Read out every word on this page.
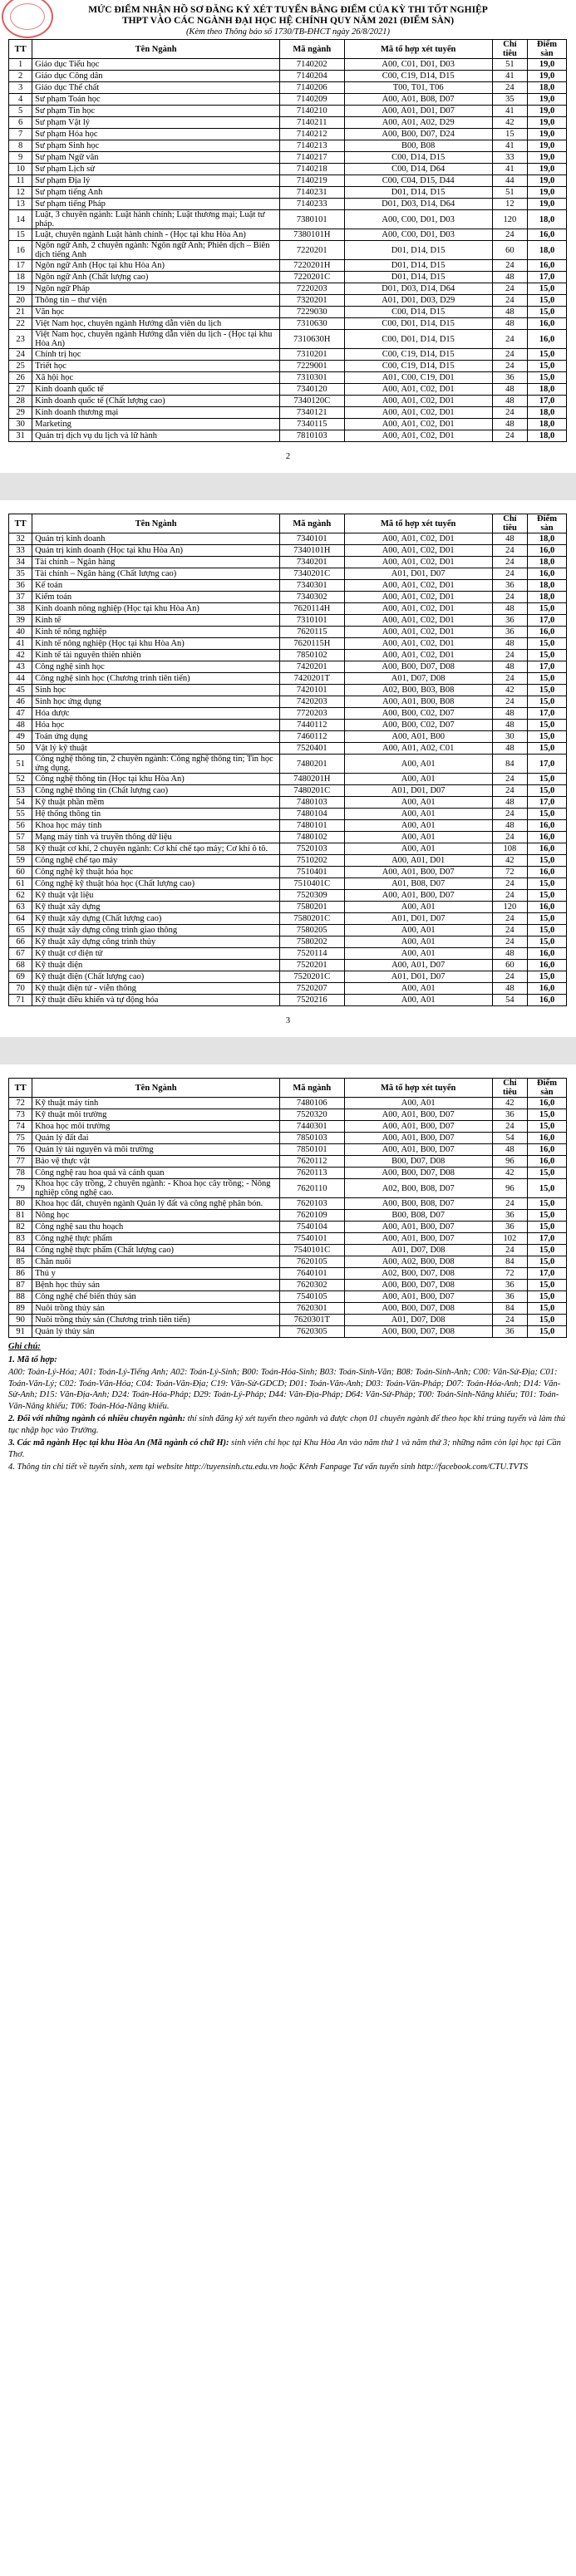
MỨC ĐIỂM NHẬN HỒ SƠ ĐĂNG KÝ XÉT TUYỂN BẰNG ĐIỂM CỦA KỲ THI TỐT NGHIỆP
THPT VÀO CÁC NGÀNH ĐẠI HỌC HỆ CHÍNH QUY NĂM 2021 (ĐIỂM SÀN)
(Kèm theo Thông báo số 1730/TB-ĐHCT ngày 26/8/2021)
TT	Tên Ngành	Mã ngành	Mã tổ hợp xét tuyển	Chỉ tiêu	Điểm sàn
1	Giáo dục Tiểu học	7140202	A00, C01, D01, D03	51	19,0
2	Giáo dục Công dân	7140204	C00, C19, D14, D15	41	19,0
3	Giáo dục Thể chất	7140206	T00, T01, T06	24	18,0
4	Sư phạm Toán học	7140209	A00, A01, B08, D07	35	19,0
5	Sư phạm Tin học	7140210	A00, A01, D01, D07	41	19,0
6	Sư phạm Vật lý	7140211	A00, A01, A02, D29	42	19,0
7	Sư phạm Hóa học	7140212	A00, B00, D07, D24	15	19,0
8	Sư phạm Sinh học	7140213	B00, B08	41	19,0
9	Sư phạm Ngữ văn	7140217	C00, D14, D15	33	19,0
10	Sư phạm Lịch sử	7140218	C00, D14, D64	41	19,0
11	Sư phạm Địa lý	7140219	C00, C04, D15, D44	44	19,0
12	Sư phạm tiếng Anh	7140231	D01, D14, D15	51	19,0
13	Sư phạm tiếng Pháp	7140233	D01, D03, D14, D64	12	19,0
14	Luật, 3 chuyên ngành: Luật hành chính; Luật thương mại; Luật tư pháp.	7380101	A00, C00, D01, D03	120	18,0
15	Luật, chuyên ngành Luật hành chính - (Học tại khu Hòa An)	7380101H	A00, C00, D01, D03	24	16,0
16	Ngôn ngữ Anh, 2 chuyên ngành: Ngôn ngữ Anh; Phiên dịch – Biên dịch tiếng Anh	7220201	D01, D14, D15	60	18,0
17	Ngôn ngữ Anh (Học tại khu Hòa An)	7220201H	D01, D14, D15	24	16,0
18	Ngôn ngữ Anh (Chất lượng cao)	7220201C	D01, D14, D15	48	17,0
19	Ngôn ngữ Pháp	7220203	D01, D03, D14, D64	24	15,0
20	Thông tin – thư viện	7320201	A01, D01, D03, D29	24	15,0
21	Văn học	7229030	C00, D14, D15	48	15,0
22	Việt Nam học, chuyên ngành Hướng dẫn viên du lịch	7310630	C00, D01, D14, D15	48	16,0
23	Việt Nam học, chuyên ngành Hướng dẫn viên du lịch - (Học tại khu Hòa An)	7310630H	C00, D01, D14, D15	24	16,0
24	Chính trị học	7310201	C00, C19, D14, D15	24	15,0
25	Triết học	7229001	C00, C19, D14, D15	24	15,0
26	Xã hội học	7310301	A01, C00, C19, D01	36	15,0
27	Kinh doanh quốc tế	7340120	A00, A01, C02, D01	48	18,0
28	Kinh doanh quốc tế (Chất lượng cao)	7340120C	A00, A01, C02, D01	48	17,0
29	Kinh doanh thương mại	7340121	A00, A01, C02, D01	24	18,0
30	Marketing	7340115	A00, A01, C02, D01	48	18,0
31	Quản trị dịch vụ du lịch và lữ hành	7810103	A00, A01, C02, D01	24	18,0
2
TT	Tên Ngành	Mã ngành	Mã tổ hợp xét tuyển	Chỉ tiêu	Điểm sàn
32	Quản trị kinh doanh	7340101	A00, A01, C02, D01	48	18,0
33	Quản trị kinh doanh (Học tại khu Hòa An)	7340101H	A00, A01, C02, D01	24	16,0
34	Tài chính – Ngân hàng	7340201	A00, A01, C02, D01	24	18,0
35	Tài chính – Ngân hàng (Chất lượng cao)	7340201C	A01, D01, D07	24	16,0
36	Kế toán	7340301	A00, A01, C02, D01	36	18,0
37	Kiểm toán	7340302	A00, A01, C02, D01	24	18,0
38	Kinh doanh nông nghiệp (Học tại khu Hòa An)	7620114H	A00, A01, C02, D01	48	15,0
39	Kinh tế	7310101	A00, A01, C02, D01	36	17,0
40	Kinh tế nông nghiệp	7620115	A00, A01, C02, D01	36	16,0
41	Kinh tế nông nghiệp (Học tại khu Hòa An)	7620115H	A00, A01, C02, D01	48	15,0
42	Kinh tế tài nguyên thiên nhiên	7850102	A00, A01, C02, D01	24	15,0
43	Công nghệ sinh học	7420201	A00, B00, D07, D08	48	17,0
44	Công nghệ sinh học (Chương trình tiên tiến)	7420201T	A01, D07, D08	24	15,0
45	Sinh học	7420101	A02, B00, B03, B08	42	15,0
46	Sinh học ứng dụng	7420203	A00, A01, B00, B08	24	15,0
47	Hóa dược	7720203	A00, B00, C02, D07	48	17,0
48	Hóa học	7440112	A00, B00, C02, D07	48	15,0
49	Toán ứng dụng	7460112	A00, A01, B00	30	15,0
50	Vật lý kỹ thuật	7520401	A00, A01, A02, C01	48	15,0
51	Công nghệ thông tin, 2 chuyên ngành: Công nghệ thông tin; Tin học ứng dụng.	7480201	A00, A01	84	17,0
52	Công nghệ thông tin (Học tại khu Hòa An)	7480201H	A00, A01	24	15,0
53	Công nghệ thông tin (Chất lượng cao)	7480201C	A01, D01, D07	24	15,0
54	Kỹ thuật phần mềm	7480103	A00, A01	48	17,0
55	Hệ thống thông tin	7480104	A00, A01	24	15,0
56	Khoa học máy tính	7480101	A00, A01	48	16,0
57	Mạng máy tính và truyền thông dữ liệu	7480102	A00, A01	24	16,0
58	Kỹ thuật cơ khí, 2 chuyên ngành: Cơ khí chế tạo máy; Cơ khí ô tô.	7520103	A00, A01	108	16,0
59	Công nghệ chế tạo máy	7510202	A00, A01, D01	42	15,0
60	Công nghệ kỹ thuật hóa học	7510401	A00, A01, B00, D07	72	16,0
61	Công nghệ kỹ thuật hóa học (Chất lượng cao)	7510401C	A01, B08, D07	24	15,0
62	Kỹ thuật vật liệu	7520309	A00, A01, B00, D07	24	15,0
63	Kỹ thuật xây dựng	7580201	A00, A01	120	16,0
64	Kỹ thuật xây dựng (Chất lượng cao)	7580201C	A01, D01, D07	24	15,0
65	Kỹ thuật xây dựng công trình giao thông	7580205	A00, A01	24	15,0
66	Kỹ thuật xây dựng công trình thủy	7580202	A00, A01	24	15,0
67	Kỹ thuật cơ điện tử	7520114	A00, A01	48	16,0
68	Kỹ thuật điện	7520201	A00, A01, D07	60	16,0
69	Kỹ thuật điện (Chất lượng cao)	7520201C	A01, D01, D07	24	15,0
70	Kỹ thuật điện tử - viễn thông	7520207	A00, A01	48	16,0
71	Kỹ thuật điều khiển và tự động hóa	7520216	A00, A01	54	16,0
3
TT	Tên Ngành	Mã ngành	Mã tổ hợp xét tuyển	Chỉ tiêu	Điểm sàn
72	Kỹ thuật máy tính	7480106	A00, A01	42	16,0
73	Kỹ thuật môi trường	7520320	A00, A01, B00, D07	36	15,0
74	Khoa học môi trường	7440301	A00, A01, B00, D07	24	15,0
75	Quản lý đất đai	7850103	A00, A01, B00, D07	54	16,0
76	Quản lý tài nguyên và môi trường	7850101	A00, A01, B00, D07	48	16,0
77	Bảo vệ thực vật	7620112	B00, D07, D08	96	16,0
78	Công nghệ rau hoa quả và cảnh quan	7620113	A00, B00, D07, D08	42	15,0
79	Khoa học cây trồng, 2 chuyên ngành: - Khoa học cây trồng; - Nông nghiệp công nghệ cao.	7620110	A02, B00, B08, D07	96	15,0
80	Khoa học đất, chuyên ngành Quản lý đất và công nghệ phân bón.	7620103	A00, B00, B08, D07	24	15,0
81	Nông học	7620109	B00, B08, D07	36	15,0
82	Công nghệ sau thu hoạch	7540104	A00, A01, B00, D07	36	15,0
83	Công nghệ thực phẩm	7540101	A00, A01, B00, D07	102	17,0
84	Công nghệ thực phẩm (Chất lượng cao)	7540101C	A01, D07, D08	24	15,0
85	Chăn nuôi	7620105	A00, A02, B00, D08	84	15,0
86	Thú y	7640101	A02, B00, D07, D08	72	17,0
87	Bệnh học thủy sản	7620302	A00, B00, D07, D08	36	15,0
88	Công nghệ chế biến thủy sản	7540105	A00, A01, B00, D07	36	15,0
89	Nuôi trồng thủy sản	7620301	A00, B00, D07, D08	84	15,0
90	Nuôi trồng thủy sản (Chương trình tiên tiến)	7620301T	A01, D07, D08	24	15,0
91	Quản lý thủy sản	7620305	A00, B00, D07, D08	36	15,0
Ghi chú:

1. Mã tổ hợp:

A00: Toán-Lý-Hóa; A01: Toán-Lý-Tiếng Anh; A02: Toán-Lý-Sinh; B00: Toán-Hóa-Sinh; B03: Toán-Sinh-Văn; B08: Toán-Sinh-Anh; C00: Văn-Sử-Địa; C01: Toán-Văn-Lý; C02: Toán-Văn-Hóa; C04: Toán-Văn-Địa; C19: Văn-Sử-GDCD; D01: Toán-Văn-Anh; D03: Toán-Văn-Pháp; D07: Toán-Hóa-Anh; D14: Văn-Sử-Anh; D15: Văn-Địa-Anh; D24: Toán-Hóa-Pháp; D29: Toán-Lý-Pháp; D44: Văn-Địa-Pháp; D64: Văn-Sử-Pháp; T00: Toán-Sinh-Năng khiếu; T01: Toán-Văn-Năng khiếu; T06: Toán-Hóa-Năng khiếu.

2. Đối với những ngành có nhiều chuyên ngành: thí sinh đăng ký xét tuyển theo ngành và được chọn 01 chuyên ngành để theo học khi trúng tuyển và làm thủ tục nhập học vào Trường.

3. Các mã ngành Học tại khu Hòa An (Mã ngành có chữ H): sinh viên chỉ học tại Khu Hòa An vào năm thứ 1 và năm thứ 3; những năm còn lại học tại Cần Thơ.

4. Thông tin chi tiết về tuyển sinh, xem tại website http://tuyensinh.ctu.edu.vn hoặc Kênh Fanpage Tư vấn tuyển sinh http://facebook.com/CTU.TVTS
